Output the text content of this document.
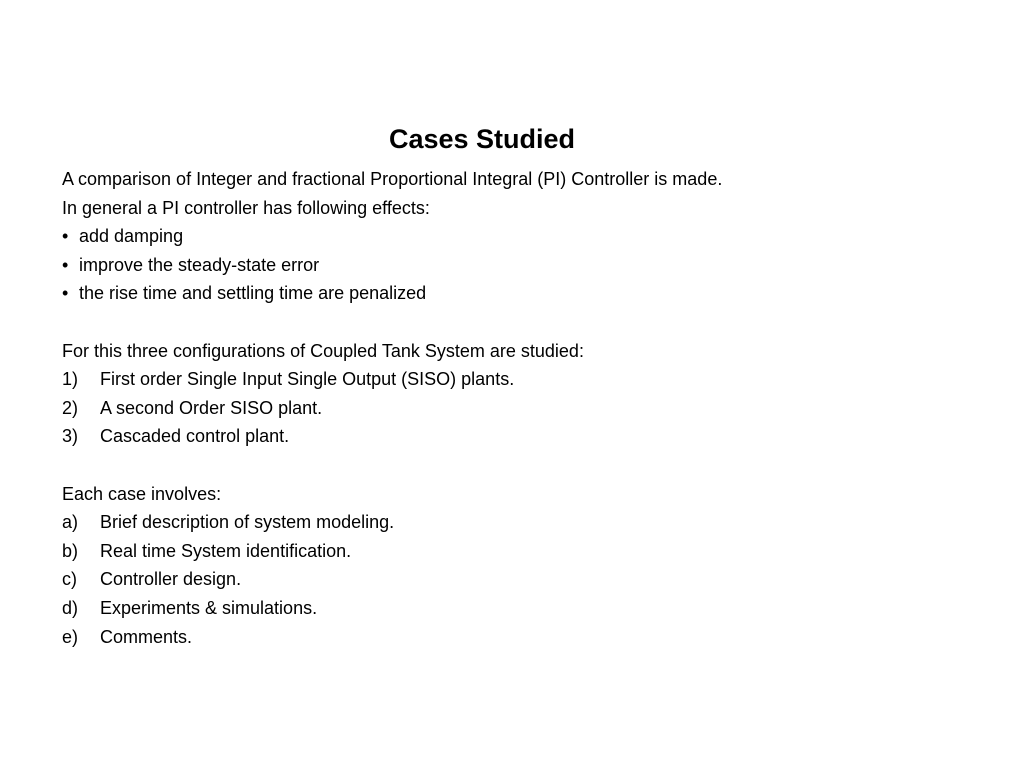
Cases Studied
A comparison of Integer and fractional Proportional Integral (PI) Controller is made.
In general a PI controller has following effects:
• add damping
• improve the steady-state error
• the rise time and settling time are penalized
For this three configurations of Coupled Tank System are studied:
1)	First order Single Input Single Output (SISO) plants.
2)	A second Order SISO plant.
3)	Cascaded control plant.
Each case involves:
a)	Brief description of system modeling.
b)	Real time System identification.
c)	Controller design.
d)	Experiments & simulations.
e)	Comments.
